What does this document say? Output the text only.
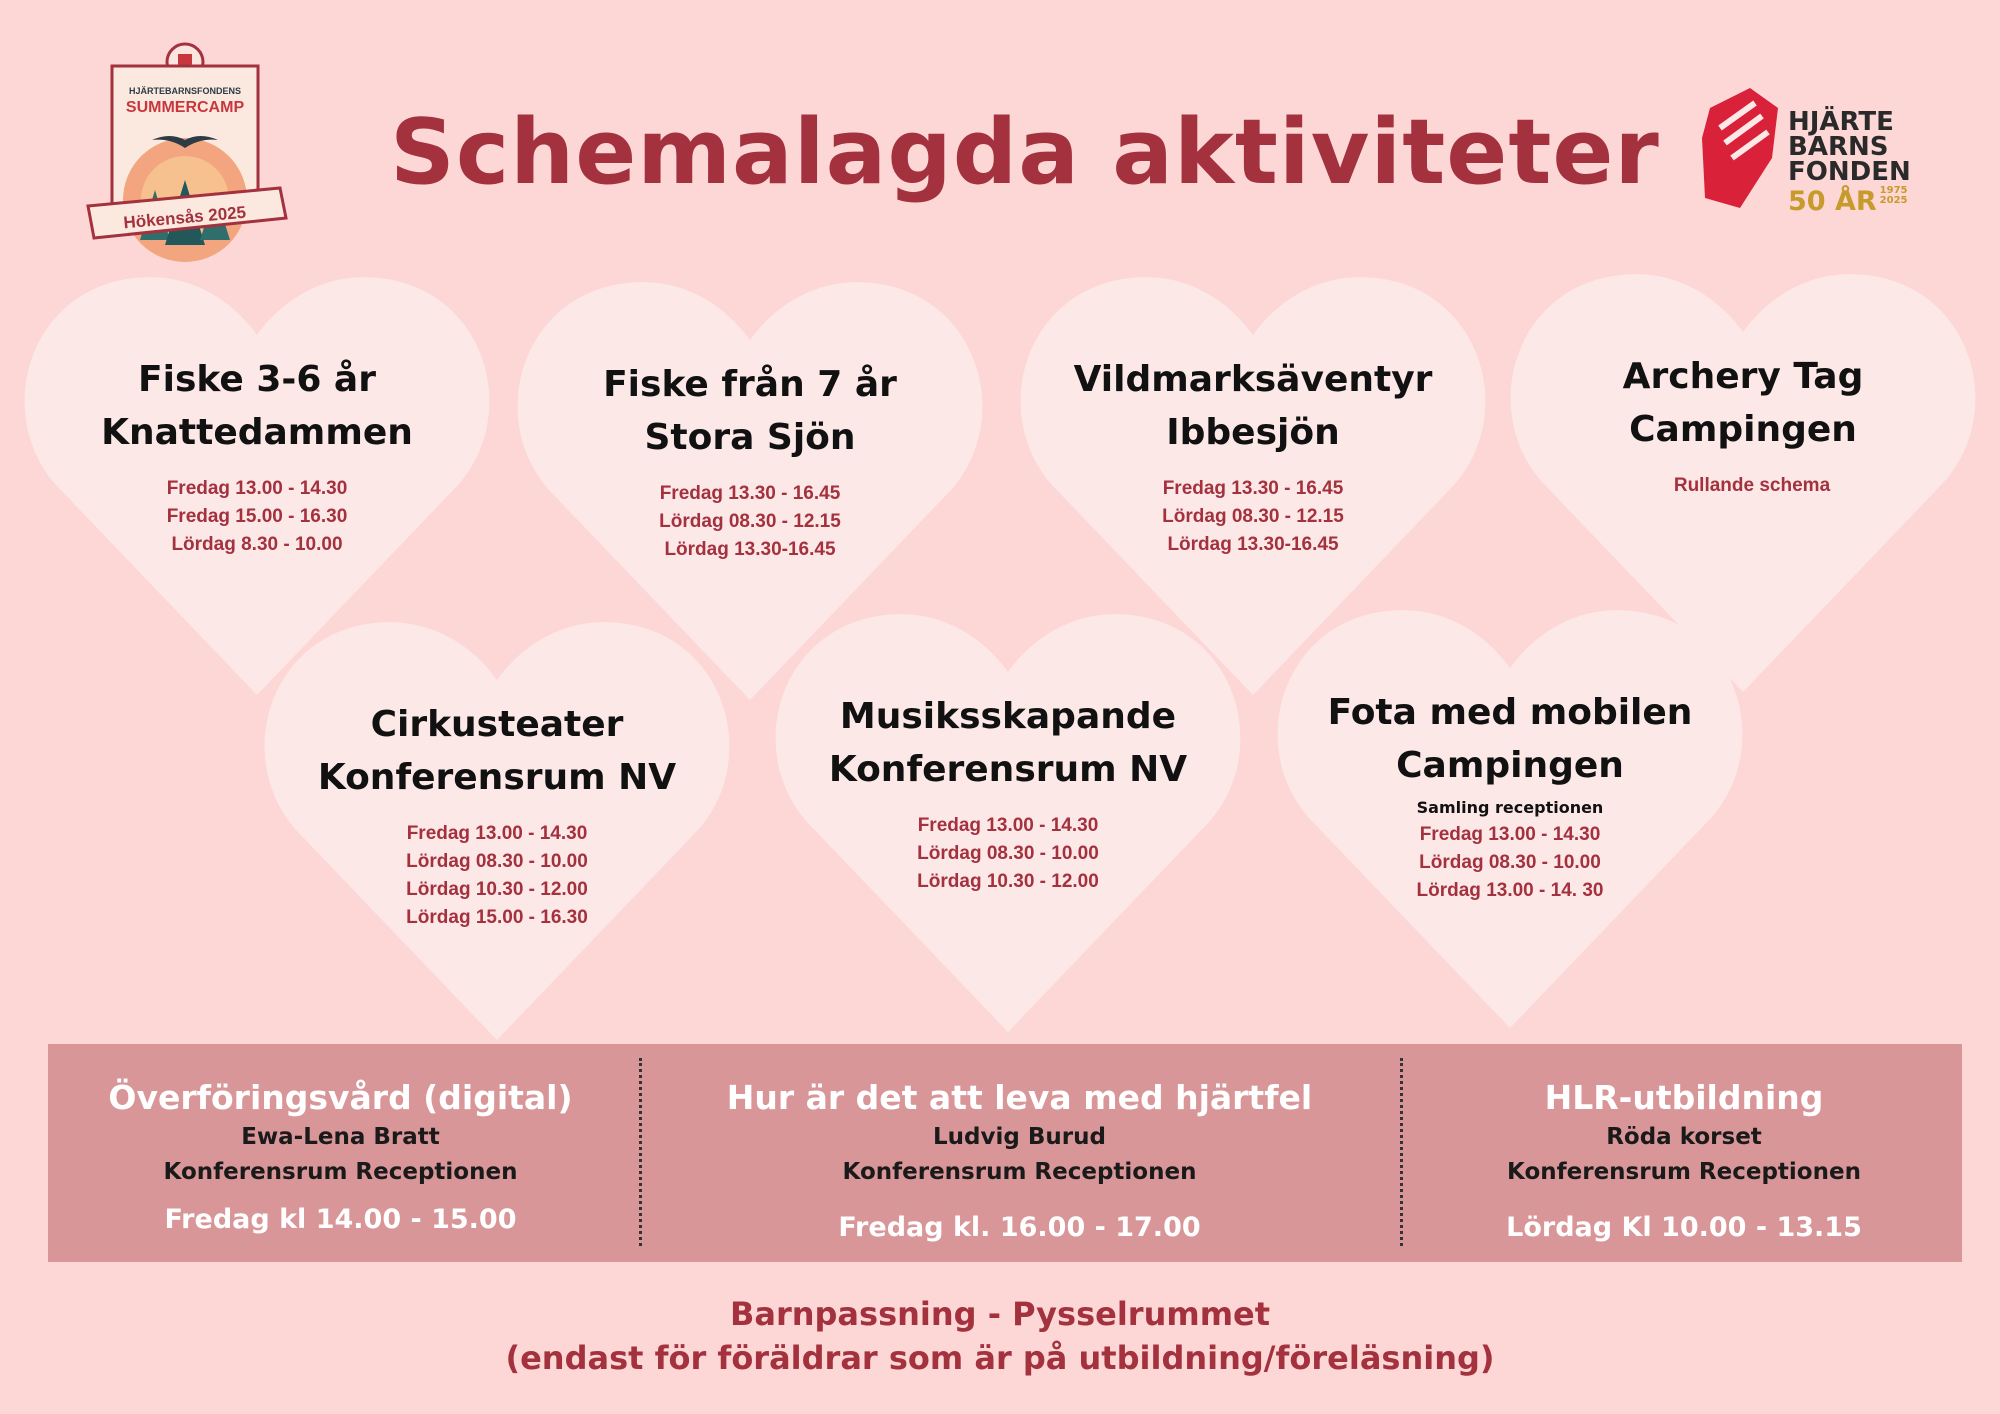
Hökensås 2025
HJÄRTEBARNSFONDENS
SUMMERCAMP Schemalagda aktiviteter	HJÄRTE
BARNS
FONDEN
50 ÅR 1975
2025
Fiske 3-6 år
Knattedammen
Fredag 13.00 - 14.30
Fredag 15.00 - 16.30
Lördag 8.30 - 10.00
Fiske från 7 år
Stora Sjön
Fredag 13.30 - 16.45
Lördag 08.30 - 12.15
Lördag 13.30-16.45
Vildmarksäventyr
Ibbesjön
Fredag 13.30 - 16.45
Lördag 08.30 - 12.15
Lördag 13.30-16.45
Archery Tag
Campingen
Rullande schema
Cirkusteater
Konferensrum NV
Fredag 13.00 - 14.30
Lördag 08.30 - 10.00
Lördag 10.30 - 12.00
Lördag 15.00 - 16.30
Musiksskapande
Konferensrum NV
Fredag 13.00 - 14.30
Lördag 08.30 - 10.00
Lördag 10.30 - 12.00
Fota med mobilen
Campingen
Samling receptionen
Fredag 13.00 - 14.30
Lördag 08.30 - 10.00
Lördag 13.00 - 14. 30
Överföringsvård (digital)
Ewa-Lena Bratt
Konferensrum Receptionen
Fredag kl 14.00 - 15.00
Hur är det att leva med hjärtfel
Ludvig Burud
Konferensrum Receptionen
Fredag kl. 16.00 - 17.00
HLR-utbildning
Röda korset
Konferensrum Receptionen
Lördag Kl 10.00 - 13.15
Barnpassning - Pysselrummet
(endast för föräldrar som är på utbildning/föreläsning)
